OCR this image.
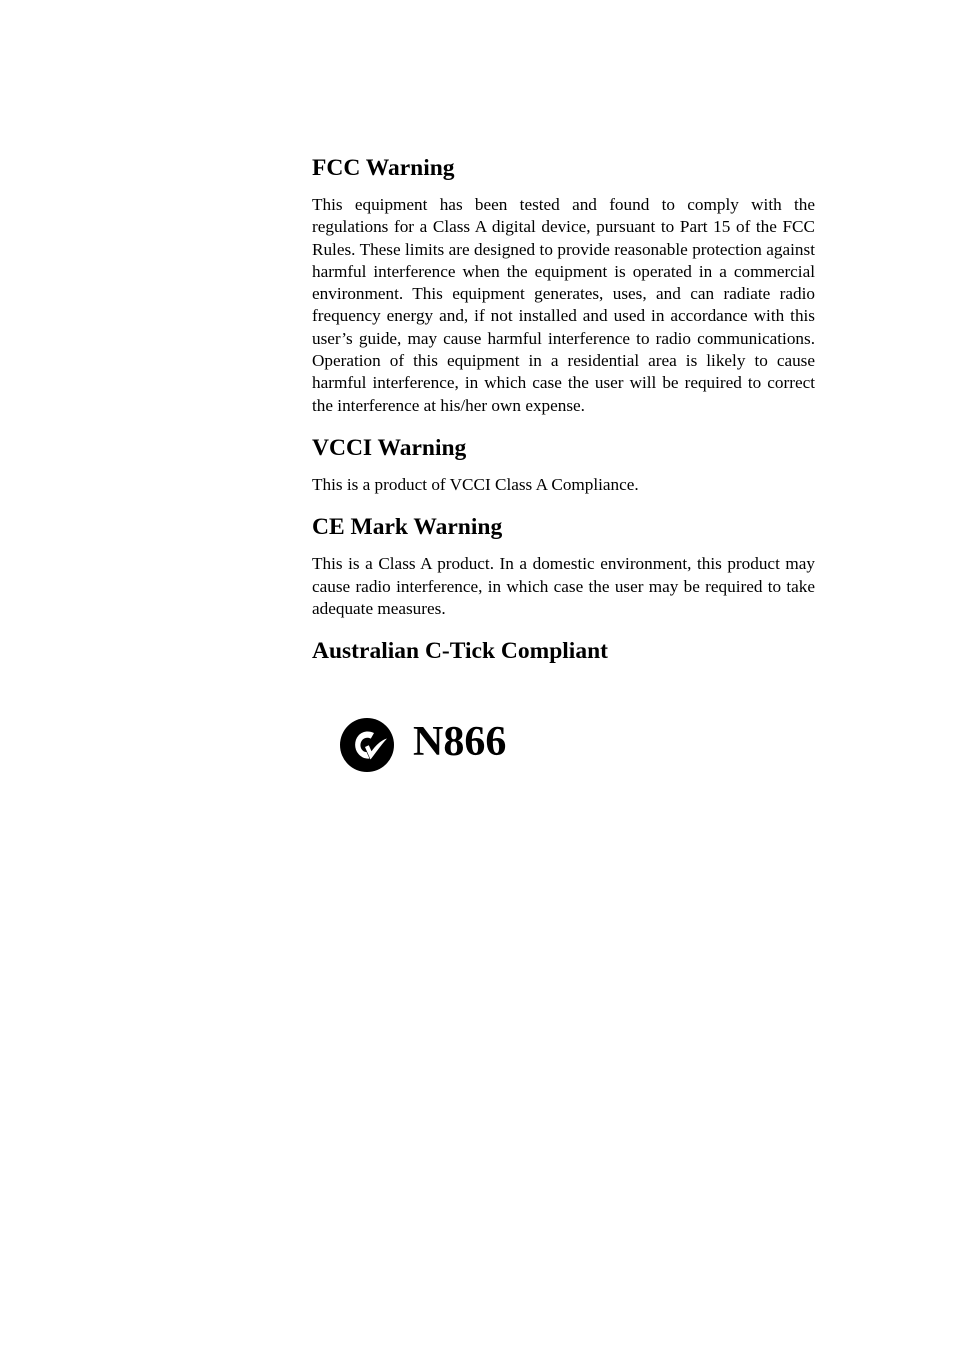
FCC Warning

This equipment has been tested and found to comply with the regulations for a Class A digital device, pursuant to Part 15 of the FCC Rules. These limits are designed to provide reasonable protection against harmful interference when the equipment is operated in a commercial environment. This equipment generates, uses, and can radiate radio frequency energy and, if not installed and used in accordance with this user’s guide, may cause harmful interference to radio communications. Operation of this equipment in a residential area is likely to cause harmful interference, in which case the user will be required to correct the interference at his/her own expense.

VCCI Warning

This is a product of VCCI Class A Compliance.

CE Mark Warning

This is a Class A product. In a domestic environment, this product may cause radio interference, in which case the user may be required to take adequate measures.

Australian C-Tick Compliant
N866
